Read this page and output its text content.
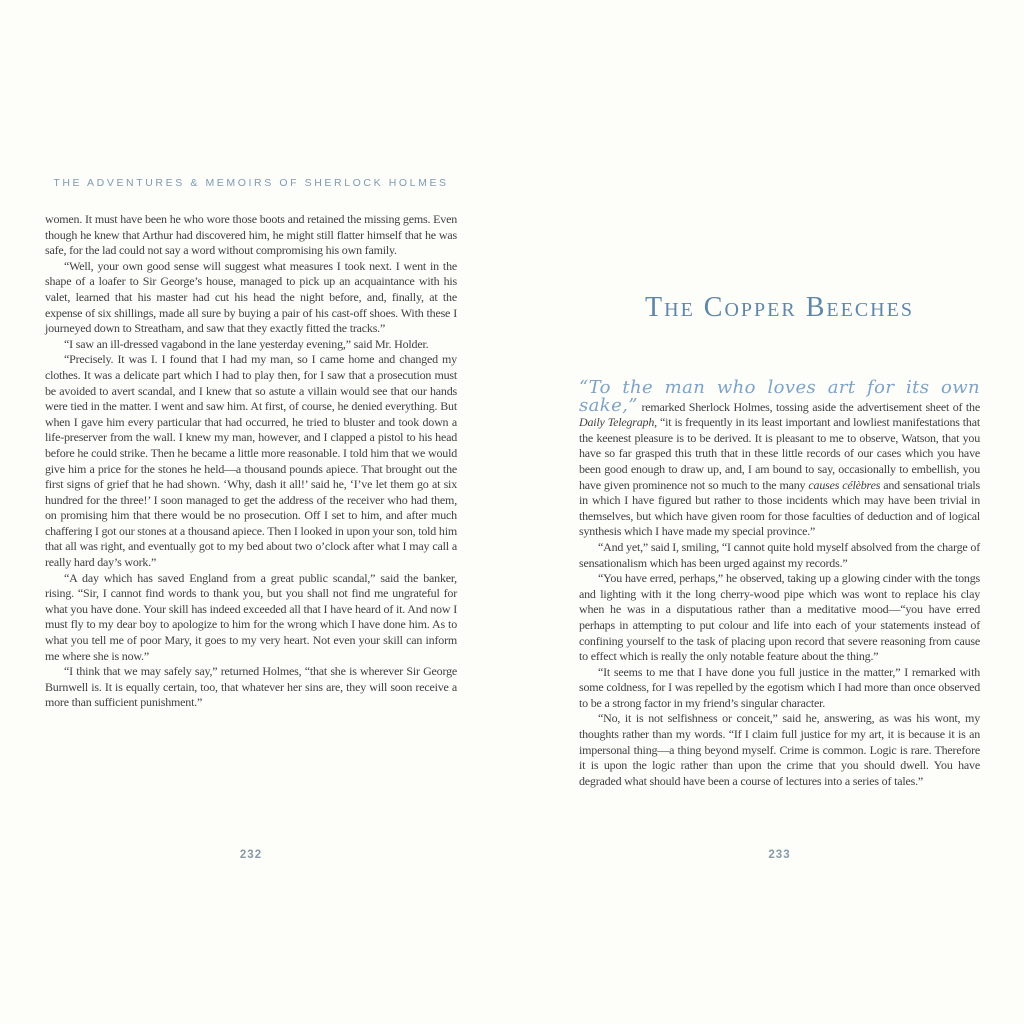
THE ADVENTURES & MEMOIRS OF SHERLOCK HOLMES

women. It must have been he who wore those boots and retained the missing gems. Even though he knew that Arthur had discovered him, he might still flatter himself that he was safe, for the lad could not say a word without compromising his own family.

“Well, your own good sense will suggest what measures I took next. I went in the shape of a loafer to Sir George’s house, managed to pick up an acquaintance with his valet, learned that his master had cut his head the night before, and, finally, at the expense of six shillings, made all sure by buying a pair of his cast-off shoes. With these I journeyed down to Streatham, and saw that they exactly fitted the tracks.”

“I saw an ill-dressed vagabond in the lane yesterday evening,” said Mr. Holder.

“Precisely. It was I. I found that I had my man, so I came home and changed my clothes. It was a delicate part which I had to play then, for I saw that a prosecution must be avoided to avert scandal, and I knew that so astute a villain would see that our hands were tied in the matter. I went and saw him. At first, of course, he denied everything. But when I gave him every particular that had occurred, he tried to bluster and took down a life-preserver from the wall. I knew my man, however, and I clapped a pistol to his head before he could strike. Then he became a little more reasonable. I told him that we would give him a price for the stones he held—a thousand pounds apiece. That brought out the first signs of grief that he had shown. ‘Why, dash it all!’ said he, ‘I’ve let them go at six hundred for the three!’ I soon managed to get the address of the receiver who had them, on promising him that there would be no prosecution. Off I set to him, and after much chaffering I got our stones at a thousand apiece. Then I looked in upon your son, told him that all was right, and eventually got to my bed about two o’clock after what I may call a really hard day’s work.”

“A day which has saved England from a great public scandal,” said the banker, rising. “Sir, I cannot find words to thank you, but you shall not find me ungrateful for what you have done. Your skill has indeed exceeded all that I have heard of it. And now I must fly to my dear boy to apologize to him for the wrong which I have done him. As to what you tell me of poor Mary, it goes to my very heart. Not even your skill can inform me where she is now.”

“I think that we may safely say,” returned Holmes, “that she is wherever Sir George Burnwell is. It is equally certain, too, that whatever her sins are, they will soon receive a more than sufficient punishment.”

The Copper Beeches

“To the man who loves art for its own sake,” remarked Sherlock Holmes, tossing aside the advertisement sheet of the Daily Telegraph, “it is frequently in its least important and lowliest manifestations that the keenest pleasure is to be derived. It is pleasant to me to observe, Watson, that you have so far grasped this truth that in these little records of our cases which you have been good enough to draw up, and, I am bound to say, occasionally to embellish, you have given prominence not so much to the many causes célèbres and sensational trials in which I have figured but rather to those incidents which may have been trivial in themselves, but which have given room for those faculties of deduction and of logical synthesis which I have made my special province.”

“And yet,” said I, smiling, “I cannot quite hold myself absolved from the charge of sensationalism which has been urged against my records.”

“You have erred, perhaps,” he observed, taking up a glowing cinder with the tongs and lighting with it the long cherry-wood pipe which was wont to replace his clay when he was in a disputatious rather than a meditative mood—“you have erred perhaps in attempting to put colour and life into each of your statements instead of confining yourself to the task of placing upon record that severe reasoning from cause to effect which is really the only notable feature about the thing.”

“It seems to me that I have done you full justice in the matter,” I remarked with some coldness, for I was repelled by the egotism which I had more than once observed to be a strong factor in my friend’s singular character.

“No, it is not selfishness or conceit,” said he, answering, as was his wont, my thoughts rather than my words. “If I claim full justice for my art, it is because it is an impersonal thing—a thing beyond myself. Crime is common. Logic is rare. Therefore it is upon the logic rather than upon the crime that you should dwell. You have degraded what should have been a course of lectures into a series of tales.”

232	233
